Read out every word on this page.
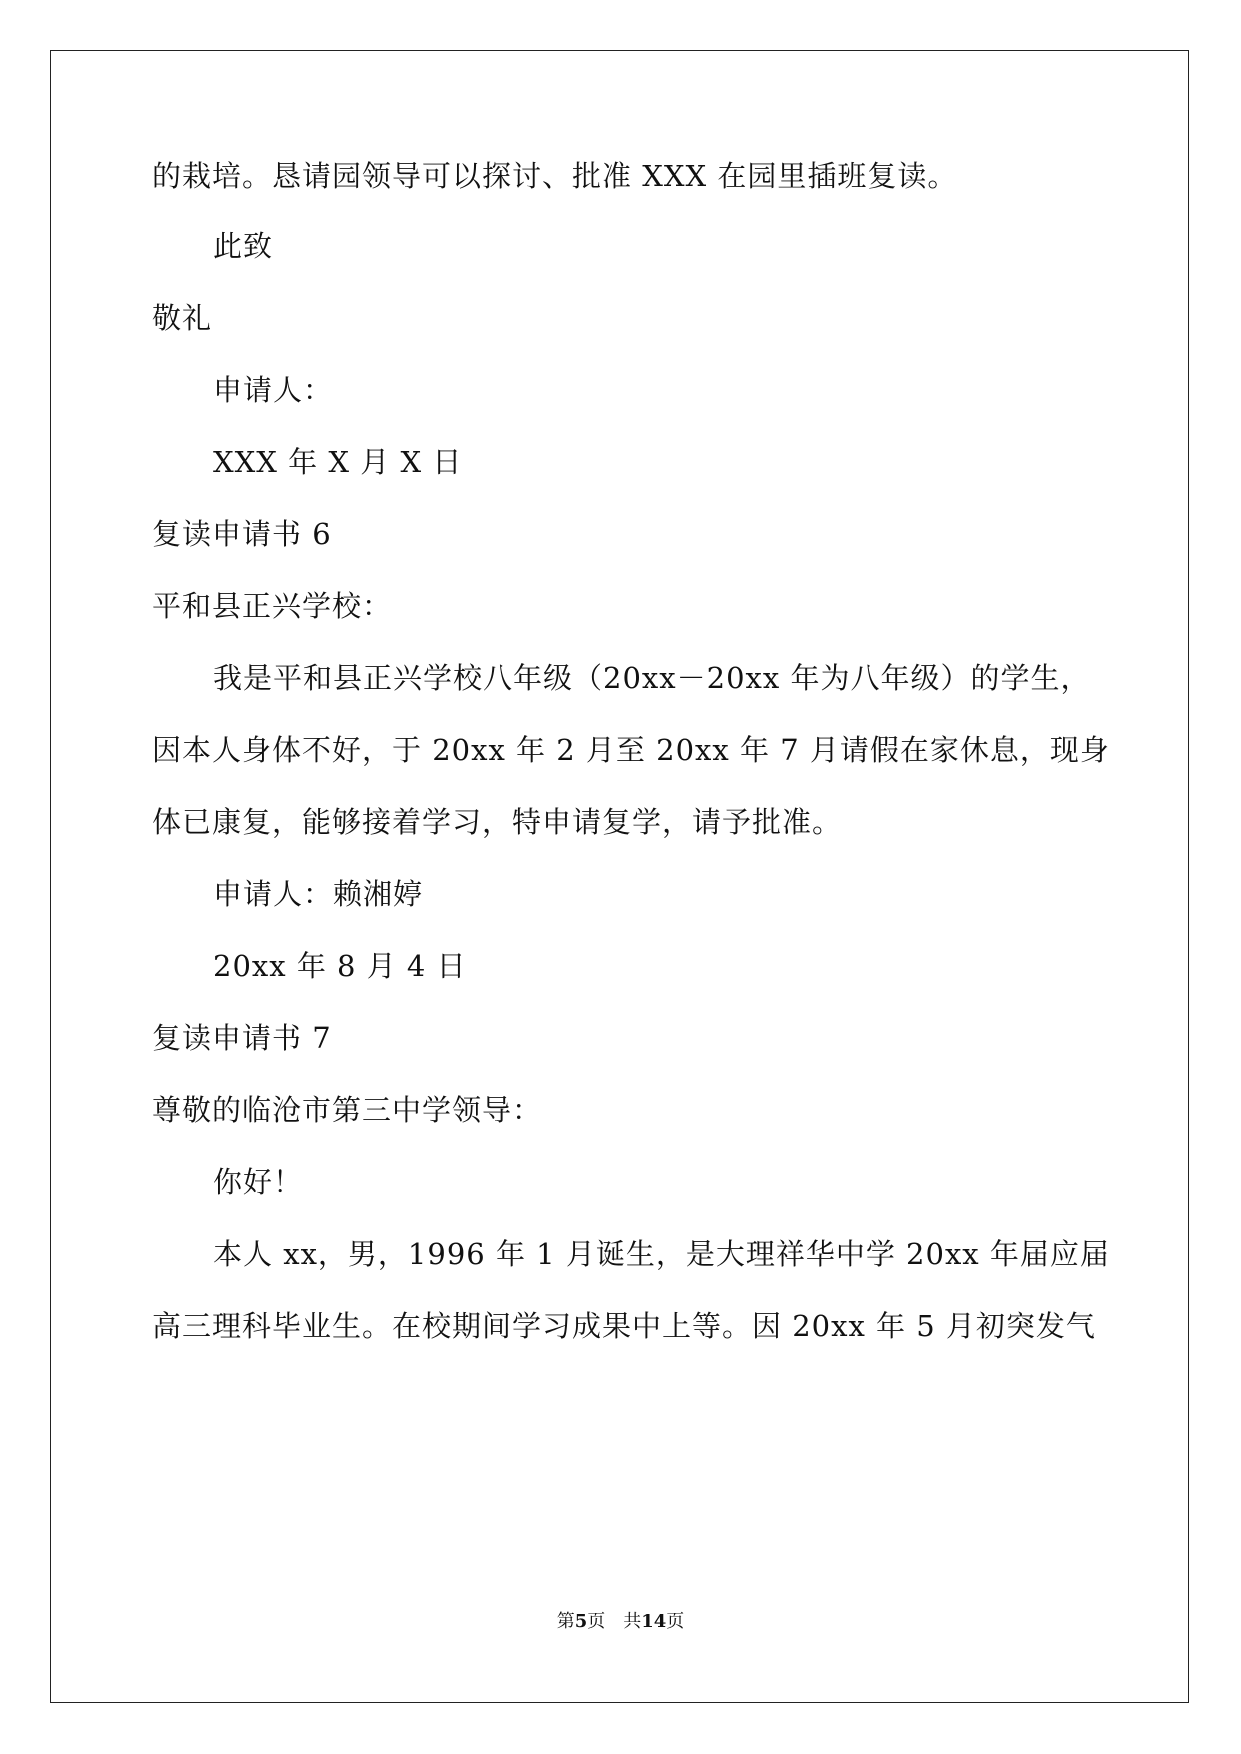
的栽培。恳请园领导可以探讨、批准 XXX 在园里插班复读。
此致
敬礼
申请人：
XXX 年 X 月 X 日
复读申请书 6
平和县正兴学校：
我是平和县正兴学校八年级（20xx－20xx 年为八年级）的学生，
因本人身体不好，于 20xx 年 2 月至 20xx 年 7 月请假在家休息，现身
体已康复，能够接着学习，特申请复学，请予批准。
申请人：赖湘婷
20xx 年 8 月 4 日
复读申请书 7
尊敬的临沧市第三中学领导：
你好！
本人 xx，男，1996 年 1 月诞生，是大理祥华中学 20xx 年届应届
高三理科毕业生。在校期间学习成果中上等。因 20xx 年 5 月初突发气
第5页 共14页
